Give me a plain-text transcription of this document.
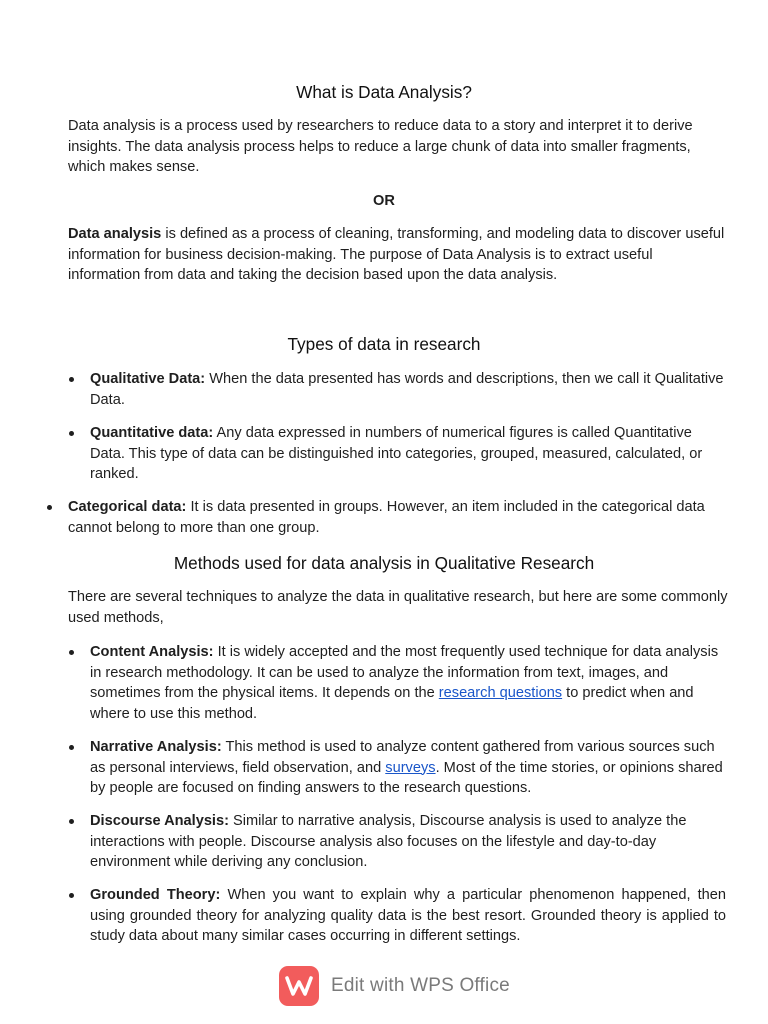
What is Data Analysis?

Data analysis is a process used by researchers to reduce data to a story and interpret it to derive insights. The data analysis process helps to reduce a large chunk of data into smaller fragments, which makes sense.

OR

Data analysis is defined as a process of cleaning, transforming, and modeling data to discover useful information for business decision-making. The purpose of Data Analysis is to extract useful information from data and taking the decision based upon the data analysis.

Types of data in research
Qualitative Data: When the data presented has words and descriptions, then we call it Qualitative Data.
Quantitative data: Any data expressed in numbers of numerical figures is called Quantitative Data. This type of data can be distinguished into categories, grouped, measured, calculated, or ranked.
Categorical data: It is data presented in groups. However, an item included in the categorical data cannot belong to more than one group.
Methods used for data analysis in Qualitative Research

There are several techniques to analyze the data in qualitative research, but here are some commonly used methods,

Content Analysis: It is widely accepted and the most frequently used technique for data analysis in research methodology. It can be used to analyze the information from text, images, and sometimes from the physical items. It depends on the research questions to predict when and where to use this method.
Narrative Analysis: This method is used to analyze content gathered from various sources such as personal interviews, field observation, and surveys. Most of the time stories, or opinions shared by people are focused on finding answers to the research questions.
Discourse Analysis: Similar to narrative analysis, Discourse analysis is used to analyze the interactions with people. Discourse analysis also focuses on the lifestyle and day-to-day environment while deriving any conclusion.
Grounded Theory: When you want to explain why a particular phenomenon happened, then using grounded theory for analyzing quality data is the best resort. Grounded theory is applied to study data about many similar cases occurring in different settings.
Edit with WPS Office
